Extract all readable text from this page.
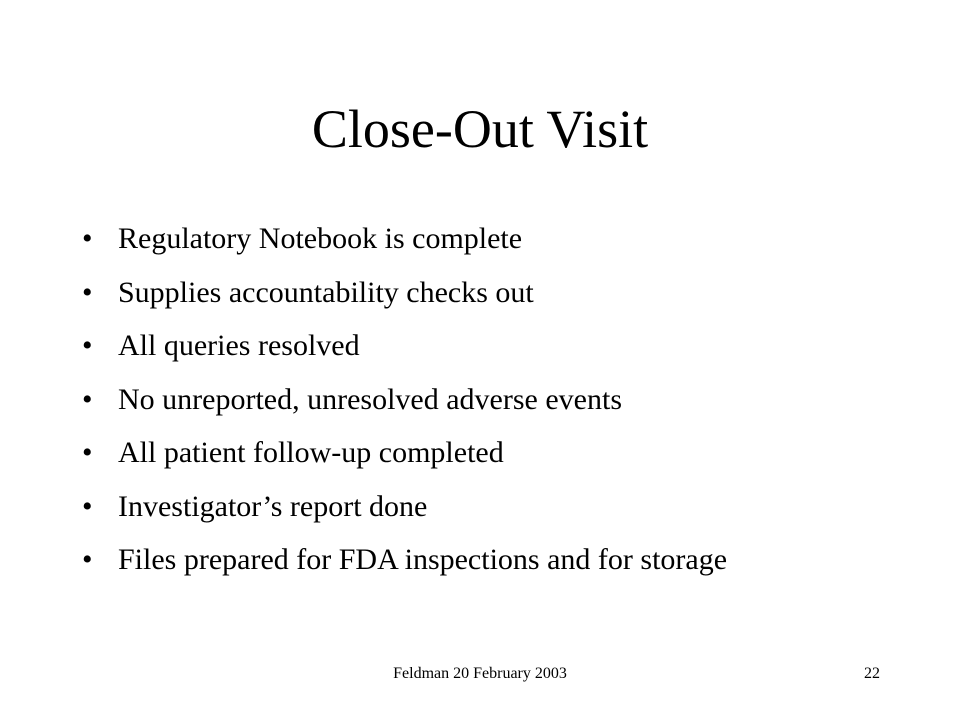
Close-Out Visit
• Regulatory Notebook is complete
• Supplies accountability checks out
• All queries resolved
• No unreported, unresolved adverse events
• All patient follow-up completed
• Investigator’s report done
• Files prepared for FDA inspections and for storage
Feldman 20 February 2003	22
